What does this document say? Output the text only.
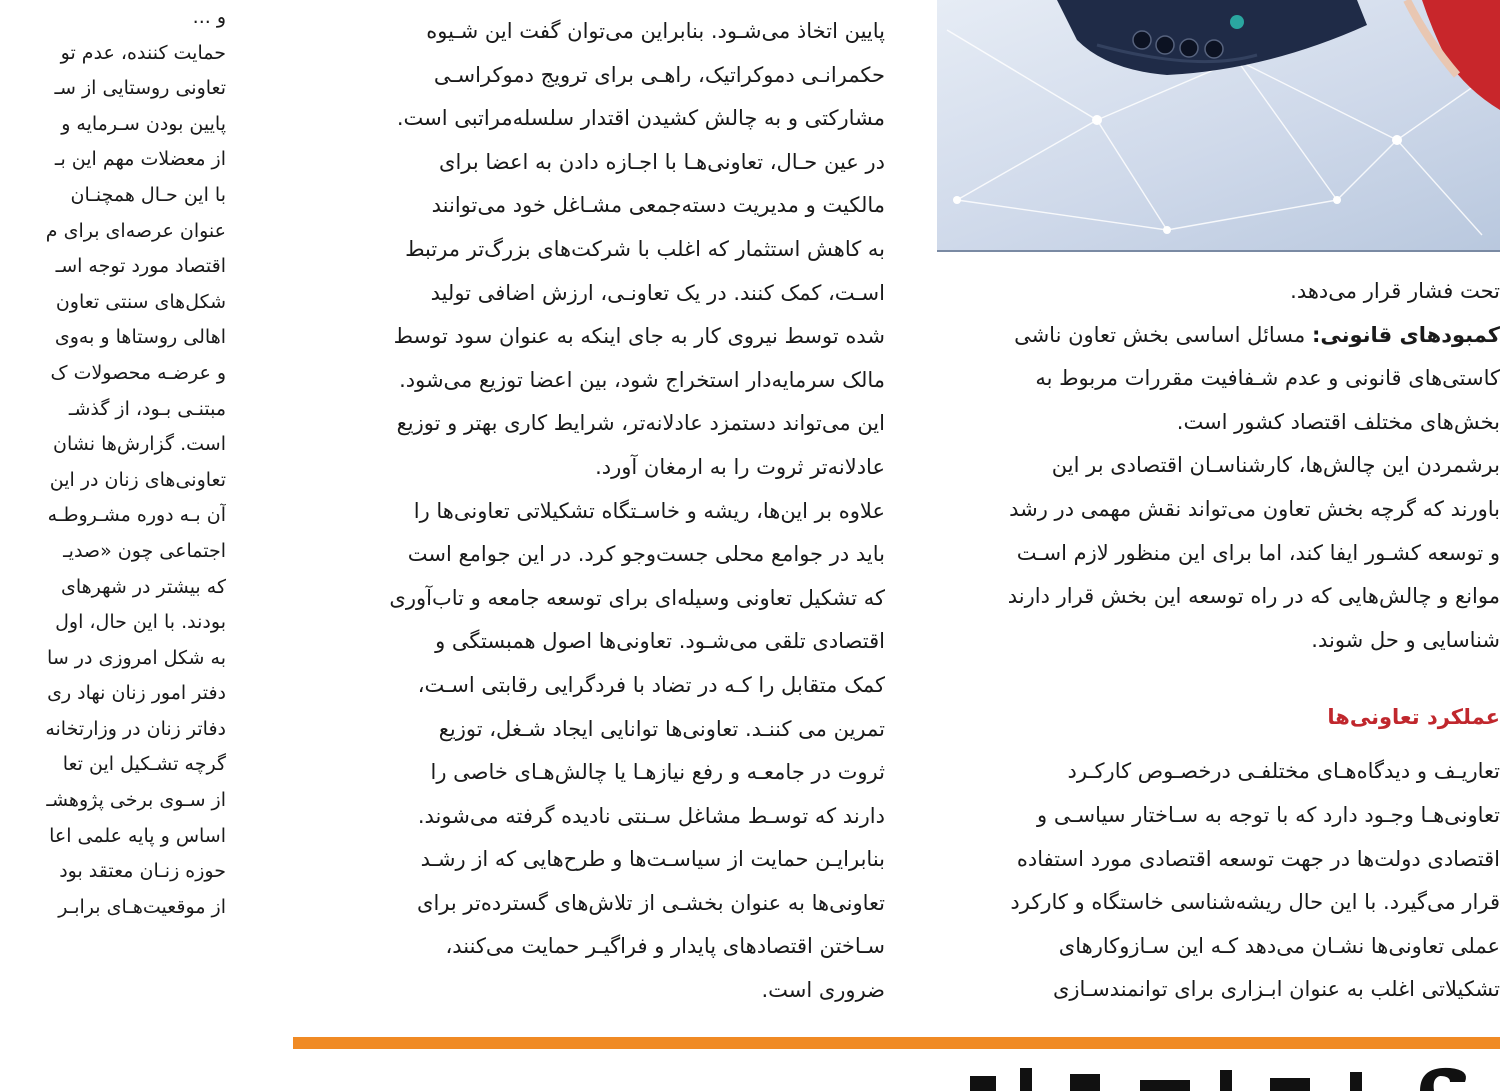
و ...

حمایت کننده، عدم تو

تعاونی روستایی از سـ

پایین بودن سـرمایه و

از معضلات مهم این بـ

با این حـال همچنـان

عنوان عرصه‌ای برای م

اقتصاد مورد توجه اسـ

شکل‌های سنتی تعاون

اهالی روستاها و به‌وی

و عرضـه محصولات ک

مبتنـی بـود، از گذشـ

است. گزارش‌ها نشان

تعاونی‌های زنان در این

آن بـه دوره مشـروطـه

اجتماعی چون «صدیـ

که بیشتر در شهرهای

بودند. با این حال، اول

به شکل امروزی در سا

دفتر امور زنان نهاد ری

دفاتر زنان در وزارتخانه

گرچه تشـکیل این تعا

از سـوی برخی پژوهشـ

اساس و پایه علمی اعا

حوزه زنـان معتقد بود

از موقعیت‌هـای برابـر

پایین اتخاذ می‌شـود. بنابراین می‌توان گفت این شـیوه

حکمرانـی دموکراتیک، راهـی برای ترویج دموکراسـی

مشارکتی و به چالش کشیدن اقتدار سلسله‌مراتبی است.

در عین حـال، تعاونی‌هـا با اجـازه دادن به اعضا برای

مالکیت و مدیریت دسته‌جمعی مشـاغل خود می‌توانند

به کاهش استثمار که اغلب با شرکت‌های بزرگ‌تر مرتبط

اسـت، کمک کنند. در یک تعاونـی، ارزش اضافی تولید

شده توسط نیروی کار به جای اینکه به عنوان سود توسط

مالک سرمایه‌دار استخراج شود، بین اعضا توزیع می‌شود.

این می‌تواند دستمزد عادلانه‌تر، شرایط کاری بهتر و توزیع

عادلانه‌تر ثروت را به ارمغان آورد.

علاوه بر این‌ها، ریشه و خاسـتگاه تشکیلاتی تعاونی‌ها را

باید در جوامع محلی جست‌وجو کرد. در این جوامع است

که تشکیل تعاونی وسیله‌ای برای توسعه جامعه و تاب‌آوری

اقتصادی تلقی می‌شـود. تعاونی‌ها اصول همبستگی و

کمک متقابل را کـه در تضاد با فردگرایی رقابتی اسـت،

تمرین می‌ کننـد. تعاونی‌ها توانایی ایجاد شـغل، توزیع

ثروت در جامعـه و رفع نیازهـا یا چالش‌هـای خاصی را

دارند که توسـط مشاغل سـنتی نادیده گرفته می‌شوند.

بنابرایـن حمایت از سیاسـت‌ها و طرح‌هایی که از رشـد

تعاونی‌ها به عنوان بخشـی از تلاش‌های گسترده‌تر برای

سـاختن اقتصادهای پایدار و فراگیـر حمایت می‌کنند،

ضروری است.

تحت فشار قرار می‌دهد.

کمبودهای قانونی: مسائل اساسی بخش تعاون ناشی

کاستی‌های قانونی و عدم شـفافیت مقررات مربوط به

بخش‌های مختلف اقتصاد کشور است.

برشمردن این چالش‌ها، کارشناسـان اقتصادی بر این

باورند که گرچه بخش تعاون می‌تواند نقش مهمی در رشد

و توسعه کشـور ایفا کند، اما برای این منظور لازم اسـت

موانع و چالش‌هایی که در راه توسعه این بخش قرار دارند

شناسایی و حل شوند.

عملکرد تعاونی‌ها

تعاریـف و دیدگاه‌هـای مختلفـی درخصـوص کارکـرد

تعاونی‌هـا وجـود دارد که با توجه به سـاختار سیاسـی و

اقتصادی دولت‌ها در جهت توسعه اقتصادی مورد استفاده

قرار می‌گیرد. با این حال ریشه‌شناسی خاستگاه و کارکرد

عملی تعاونی‌ها نشـان می‌دهد کـه این سـازوکارهای

تشکیلاتی اغلب به عنوان ابـزاری برای توانمندسـازی
